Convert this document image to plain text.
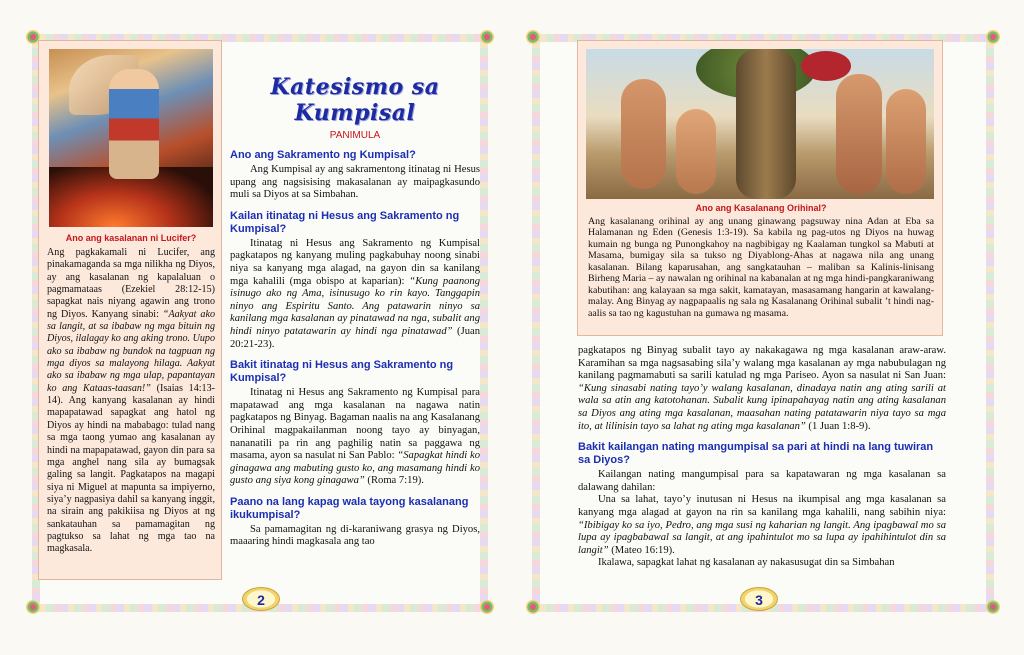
Ano ang kasalanan ni Lucifer?
Ang pagkakamali ni Lucifer, ang pinakamaganda sa mga nilikha ng Diyos, ay ang kasalanan ng kapalaluan o pagmamataas (Ezekiel 28:12-15) sapagkat nais niyang agawin ang trono ng Diyos. Kanyang sinabi: “Aakyat ako sa langit, at sa ibabaw ng mga bituin ng Diyos, ilalagay ko ang aking trono. Uupo ako sa ibabaw ng bundok na tagpuan ng mga diyos sa malayong hilaga. Aakyat ako sa ibabaw ng mga ulap, papantayan ko ang Kataas-taasan!” (Isaias 14:13-14). Ang kanyang kasalanan ay hindi mapapatawad sapagkat ang hatol ng Diyos ay hindi na mababago: tulad nang sa mga taong yumao ang kasalanan ay hindi na mapapatawad, gayon din para sa mga anghel nang sila ay bumagsak galing sa langit. Pagkatapos na magapi siya ni Miguel at mapunta sa impiyerno, siya’y nagpasiya dahil sa kanyang inggit, na sirain ang pakikiisa ng Diyos at ng sankatauhan sa pamamagitan ng pagtukso sa lahat ng mga tao na magkasala.
Katesismo sa Kumpisal
PANIMULA
Ano ang Sakramento ng Kumpisal?

Ang Kumpisal ay ang sakramentong itinatag ni Hesus upang ang nagsisising makasalanan ay maipagkasundo muli sa Diyos at sa Simbahan.

Kailan itinatag ni Hesus ang Sakramento ng Kumpisal?

Itinatag ni Hesus ang Sakramento ng Kumpisal pagkatapos ng kanyang muling pagkabuhay noong sinabi niya sa kanyang mga alagad, na gayon din sa kanilang mga kahalili (mga obispo at kaparian): “Kung paanong isinugo ako ng Ama, isinusugo ko rin kayo. Tanggapin ninyo ang Espiritu Santo. Ang patawarin ninyo sa kanilang mga kasalanan ay pinatawad na nga, subalit ang hindi ninyo patatawarin ay hindi nga pinatawad” (Juan 20:21-23).

Bakit itinatag ni Hesus ang Sakramento ng Kumpisal?

Itinatag ni Hesus ang Sakramento ng Kumpisal para mapatawad ang mga kasalanan na nagawa natin pagkatapos ng Binyag. Bagaman naalis na ang Kasalanang Orihinal magpakailanman noong tayo ay binyagan, nananatili pa rin ang paghilig natin sa paggawa ng masama, ayon sa nasulat ni San Pablo: “Sapagkat hindi ko ginagawa ang mabuting gusto ko, ang masamang hindi ko gusto ang siya kong ginagawa” (Roma 7:19).

Paano na lang kapag wala tayong kasalanang ikukumpisal?

Sa pamamagitan ng di-karaniwang grasya ng Diyos, maaaring hindi magkasala ang tao

2
Ano ang Kasalanang Orihinal?

Ang kasalanang orihinal ay ang unang ginawang pagsuway nina Adan at Eba sa Halamanan ng Eden (Genesis 1:3-19). Sa kabila ng pag-utos ng Diyos na huwag kumain ng bunga ng Punongkahoy na nagbibigay ng Kaalaman tungkol sa Mabuti at Masama, bumigay sila sa tukso ng Diyablong-Ahas at nagawa nila ang unang kasalanan. Bilang kaparusahan, ang sangkatauhan – maliban sa Kalinis-linisang Birheng Maria – ay nawalan ng orihinal na kabanalan at ng mga hindi-pangkaraniwang kabutihan: ang kalayaan sa mga sakit, kamatayan, masasamang hangarin at kawalang-malay. Ang Binyag ay nagpapaalis ng sala ng Kasalanang Orihinal subalit ’t hindi nag-aalis sa tao ng kagustuhan na gumawa ng masama.

pagkatapos ng Binyag subalit tayo ay nakakagawa ng mga kasalanan araw-araw. Karamihan sa mga nagsasabing sila’y walang mga kasalanan ay mga nabubulagan ng kanilang pagmamabuti sa sarili katulad ng mga Pariseo. Ayon sa nasulat ni San Juan: “Kung sinasabi nating tayo’y walang kasalanan, dinadaya natin ang ating sarili at wala sa atin ang katotohanan. Subalit kung ipinapahayag natin ang ating kasalanan sa Diyos ang ating mga kasalanan, maasahan nating patatawarin niya tayo sa mga ito, at lilinisin tayo sa lahat ng ating mga kasalanan” (1 Juan 1:8-9).

Bakit kailangan nating mangumpisal sa pari at hindi na lang tuwiran sa Diyos?

Kailangan nating mangumpisal para sa kapatawaran ng mga kasalanan sa dalawang dahilan:

Una sa lahat, tayo’y inutusan ni Hesus na ikumpisal ang mga kasalanan sa kanyang mga alagad at gayon na rin sa kanilang mga kahalili, nang sabihin niya: “Ibibigay ko sa iyo, Pedro, ang mga susi ng kaharian ng langit. Ang ipagbawal mo sa lupa ay ipagbabawal sa langit, at ang ipahintulot mo sa lupa ay ipahihintulot din sa langit” (Mateo 16:19).

Ikalawa, sapagkat lahat ng kasalanan ay nakasusugat din sa Simbahan

3
